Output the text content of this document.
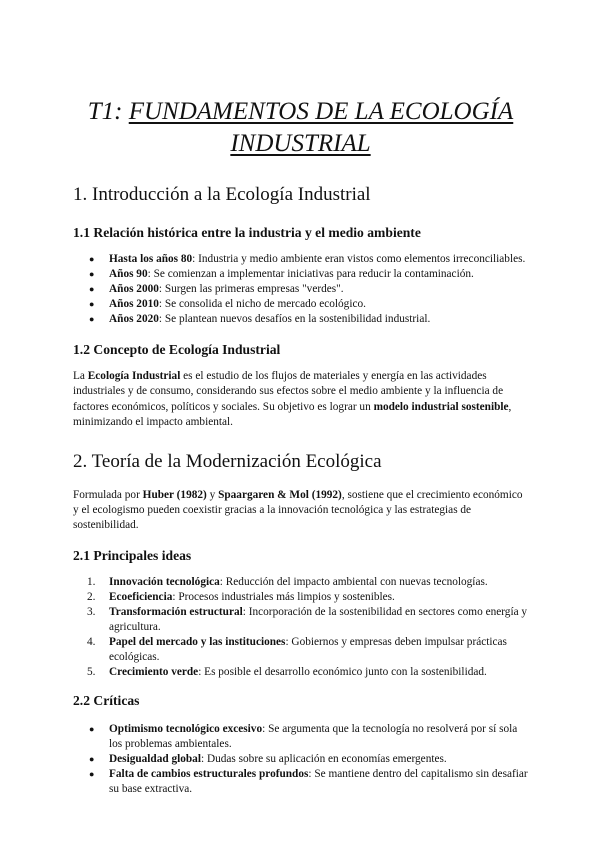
T1: FUNDAMENTOS DE LA ECOLOGÍA INDUSTRIAL
1. Introducción a la Ecología Industrial
1.1 Relación histórica entre la industria y el medio ambiente
● Hasta los años 80: Industria y medio ambiente eran vistos como elementos irreconciliables.
● Años 90: Se comienzan a implementar iniciativas para reducir la contaminación.
● Años 2000: Surgen las primeras empresas "verdes".
● Años 2010: Se consolida el nicho de mercado ecológico.
● Años 2020: Se plantean nuevos desafíos en la sostenibilidad industrial.
1.2 Concepto de Ecología Industrial

La Ecología Industrial es el estudio de los flujos de materiales y energía en las actividades industriales y de consumo, considerando sus efectos sobre el medio ambiente y la influencia de factores económicos, políticos y sociales. Su objetivo es lograr un modelo industrial sostenible, minimizando el impacto ambiental.

2. Teoría de la Modernización Ecológica

Formulada por Huber (1982) y Spaargaren & Mol (1992), sostiene que el crecimiento económico y el ecologismo pueden coexistir gracias a la innovación tecnológica y las estrategias de sostenibilidad.

2.1 Principales ideas
1. Innovación tecnológica: Reducción del impacto ambiental con nuevas tecnologías.
2. Ecoeficiencia: Procesos industriales más limpios y sostenibles.
3. Transformación estructural: Incorporación de la sostenibilidad en sectores como energía y agricultura.
4. Papel del mercado y las instituciones: Gobiernos y empresas deben impulsar prácticas ecológicas.
5. Crecimiento verde: Es posible el desarrollo económico junto con la sostenibilidad.
2.2 Críticas
● Optimismo tecnológico excesivo: Se argumenta que la tecnología no resolverá por sí sola los problemas ambientales.
● Desigualdad global: Dudas sobre su aplicación en economías emergentes.
● Falta de cambios estructurales profundos: Se mantiene dentro del capitalismo sin desafiar su base extractiva.
